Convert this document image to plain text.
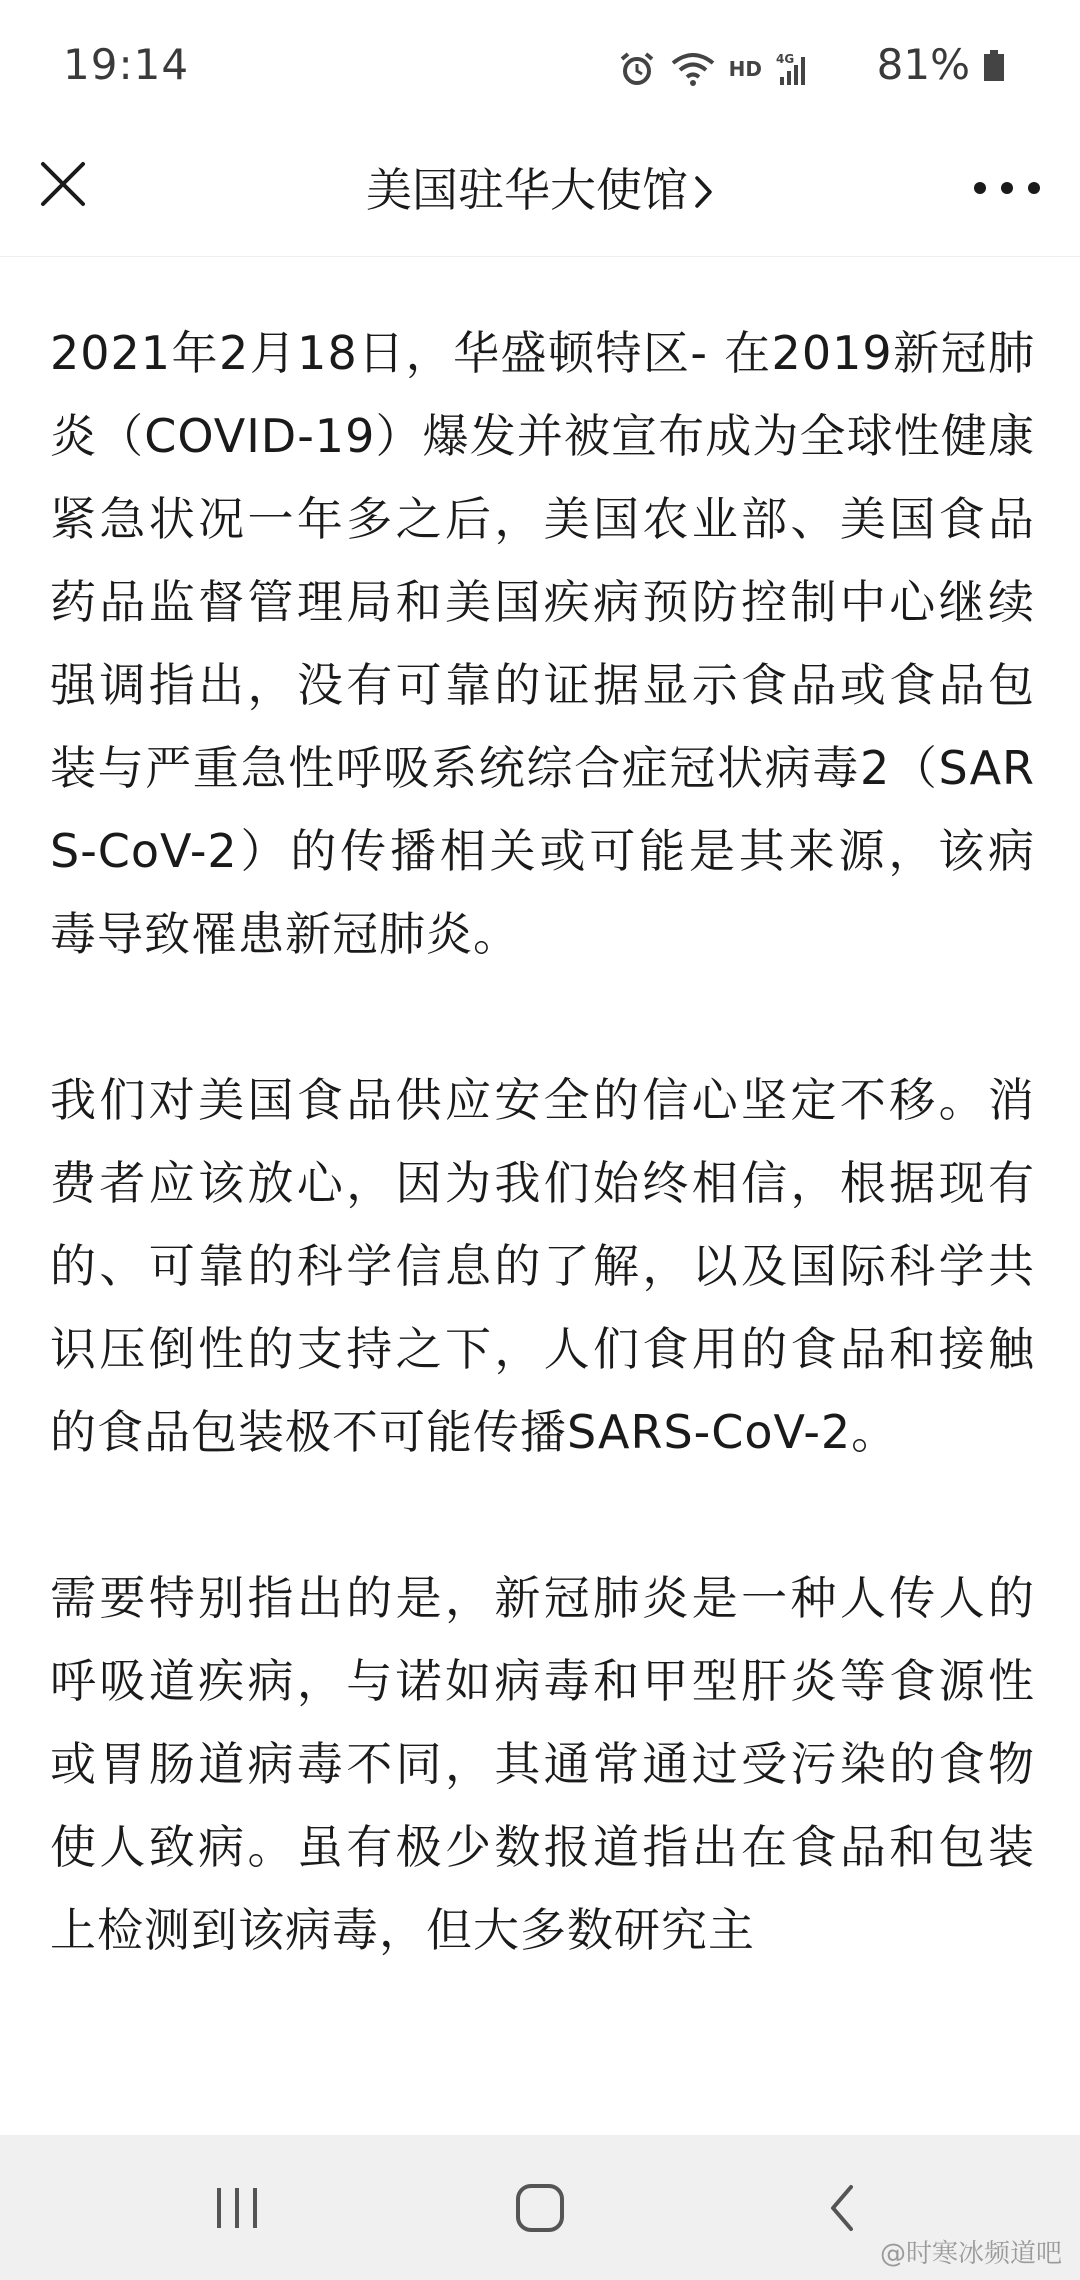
19:14	HD 4G 81%
美国驻华大使馆

2021年2月18日，华盛顿特区- 在2019新冠肺炎（COVID-19）爆发并被宣布成为全球性健康紧急状况一年多之后，美国农业部、美国食品药品监督管理局和美国疾病预防控制中心继续强调指出，没有可靠的证据显示食品或食品包装与严重急性呼吸系统综合症冠状病毒2（SARS-CoV-2）的传播相关或可能是其来源，该病毒导致罹患新冠肺炎。

我们对美国食品供应安全的信心坚定不移。消费者应该放心，因为我们始终相信，根据现有的、可靠的科学信息的了解，以及国际科学共识压倒性的支持之下，人们食用的食品和接触的食品包装极不可能传播SARS-CoV-2。

需要特别指出的是，新冠肺炎是一种人传人的呼吸道疾病，与诺如病毒和甲型肝炎等食源性或胃肠道病毒不同，其通常通过受污染的食物使人致病。虽有极少数报道指出在食品和包装上检测到该病毒，但大多数研究主

@时寒冰频道吧
